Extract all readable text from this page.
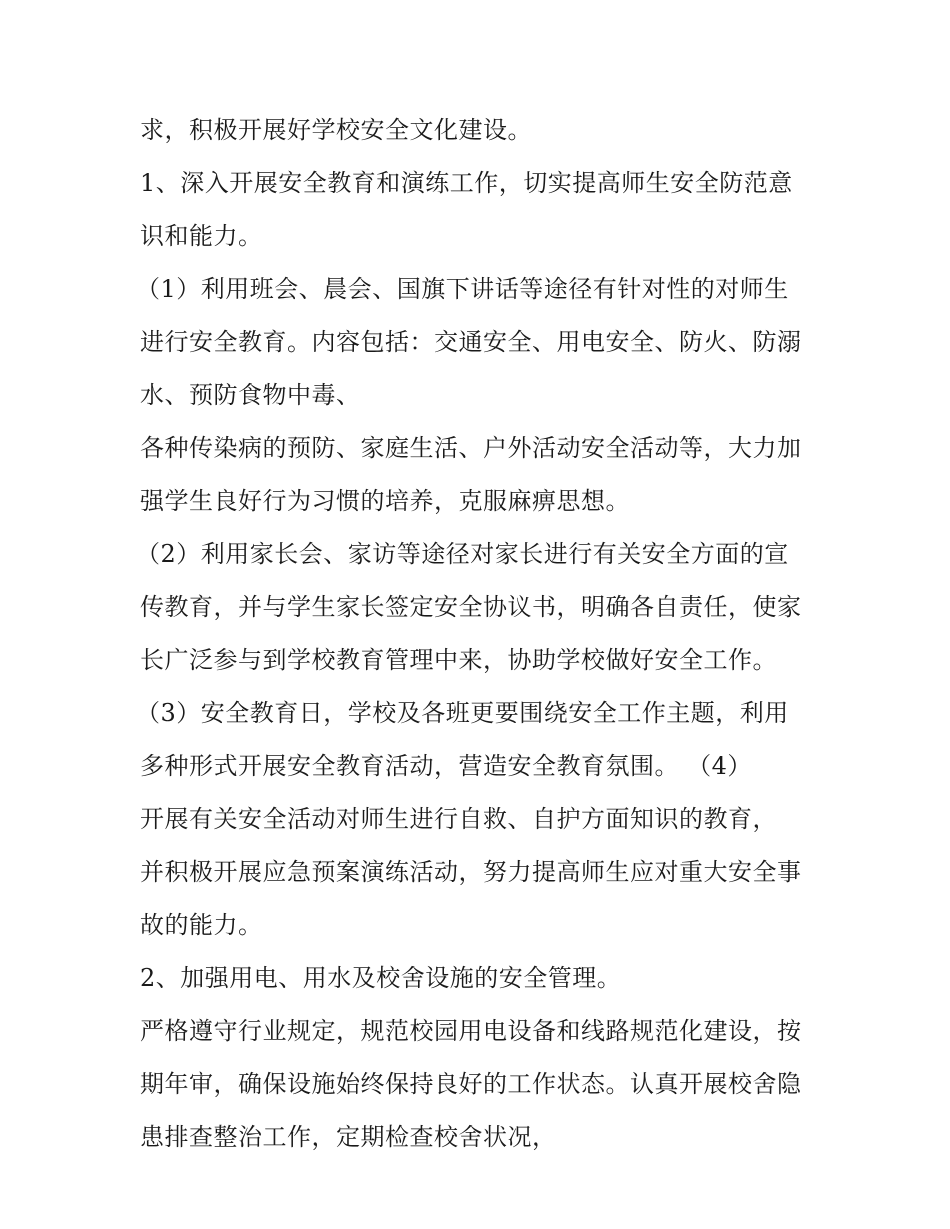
求，积极开展好学校安全文化建设。
1、深入开展安全教育和演练工作，切实提高师生安全防范意
识和能力。
（1）利用班会、晨会、国旗下讲话等途径有针对性的对师生
进行安全教育。内容包括：交通安全、用电安全、防火、防溺
水、预防食物中毒、
各种传染病的预防、家庭生活、户外活动安全活动等，大力加
强学生良好行为习惯的培养，克服麻痹思想。
（2）利用家长会、家访等途径对家长进行有关安全方面的宣
传教育，并与学生家长签定安全协议书，明确各自责任，使家
长广泛参与到学校教育管理中来，协助学校做好安全工作。
（3）安全教育日，学校及各班更要围绕安全工作主题，利用
多种形式开展安全教育活动，营造安全教育氛围。 （4）
开展有关安全活动对师生进行自救、自护方面知识的教育，
并积极开展应急预案演练活动，努力提高师生应对重大安全事
故的能力。
2、加强用电、用水及校舍设施的安全管理。
严格遵守行业规定，规范校园用电设备和线路规范化建设，按
期年审，确保设施始终保持良好的工作状态。认真开展校舍隐
患排查整治工作，定期检查校舍状况，
